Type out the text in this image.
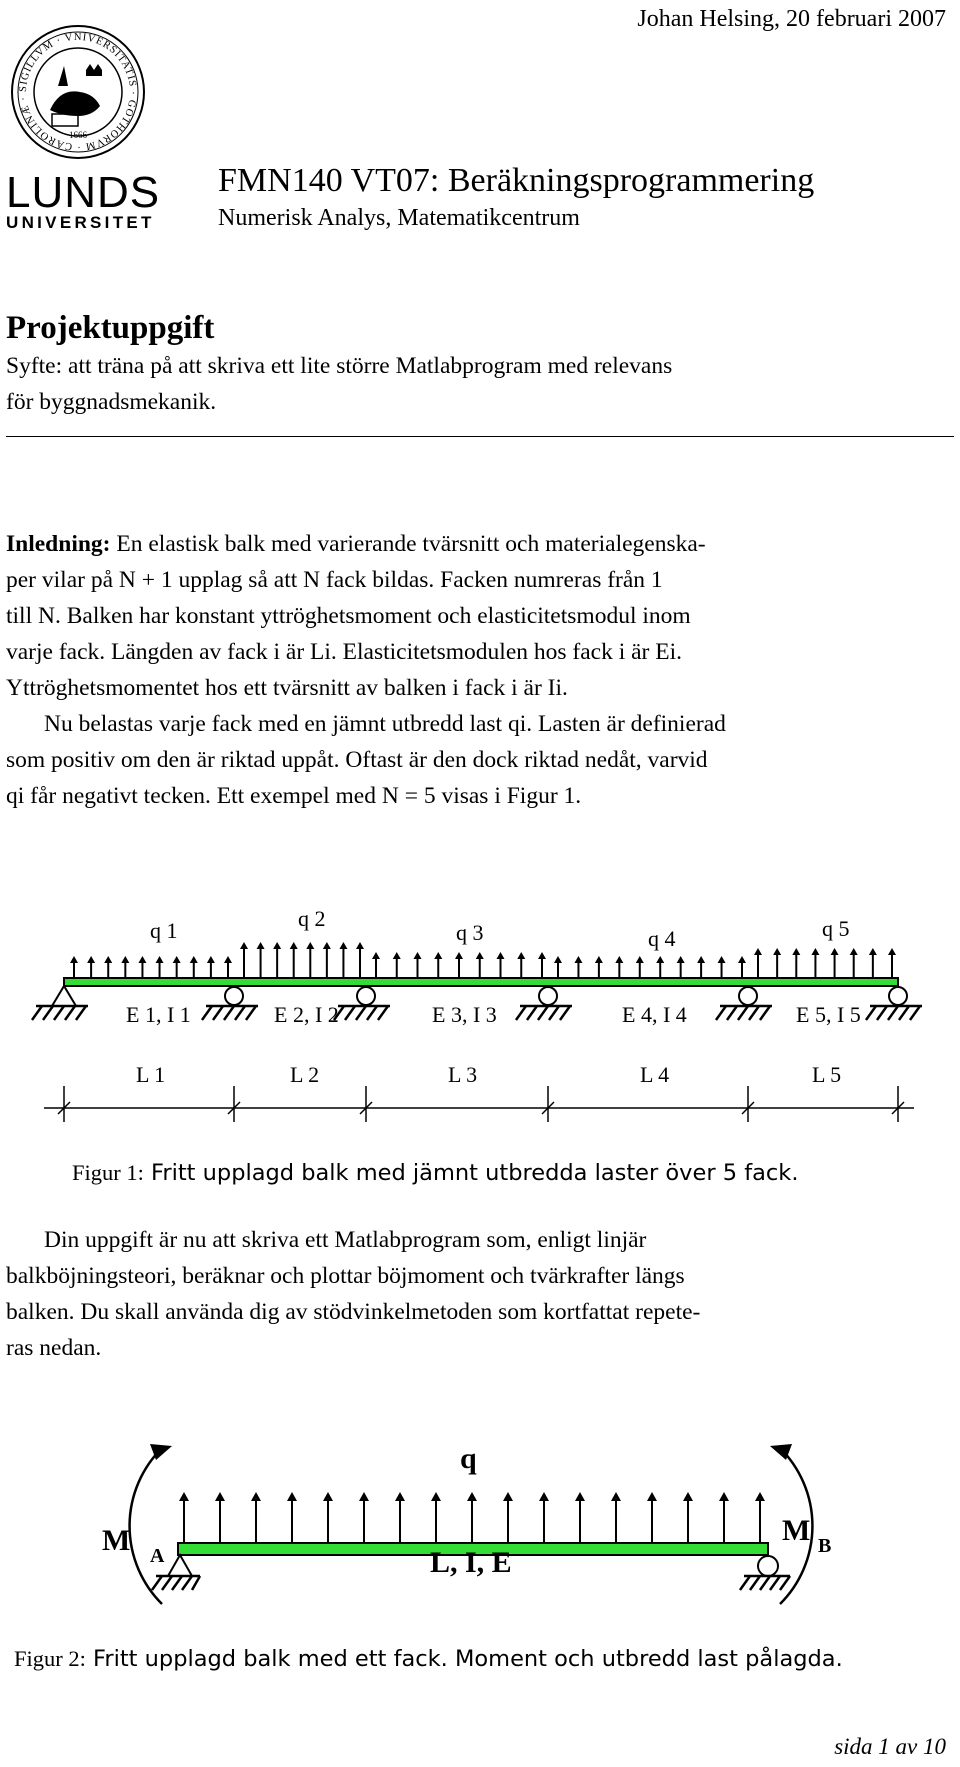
Johan Helsing, 20 februari 2007
SIGILLVM · VNIVERSITATIS · GOTHORVM · CAROLINÆ ·
1666
LUNDS
UNIVERSITET
FMN140 VT07: Beräkningsprogrammering
Numerisk Analys, Matematikcentrum
Projektuppgift
Syfte: att träna på att skriva ett lite större Matlabprogram med relevans
för byggnadsmekanik.
Inledning: En elastisk balk med varierande tvärsnitt och materialegenska-
per vilar på N + 1 upplag så att N fack bildas. Facken numreras från 1
till N. Balken har konstant yttröghetsmoment och elasticitetsmodul inom
varje fack. Längden av fack i är Li. Elasticitetsmodulen hos fack i är Ei.
Yttröghetsmomentet hos ett tvärsnitt av balken i fack i är Ii.
Nu belastas varje fack med en jämnt utbredd last qi. Lasten är definierad
som positiv om den är riktad uppåt. Oftast är den dock riktad nedåt, varvid
qi får negativt tecken. Ett exempel med N = 5 visas i Figur 1.
q 1	q 2
q 3	q 4	q 5
E 1, I 1	E 2, I 2	E 3, I 3	E 4, I 4	E 5, I 5
L 1	L 2	L 3	L 4	L 5
Figur 1: Fritt upplagd balk med jämnt utbredda laster över 5 fack.
Din uppgift är nu att skriva ett Matlabprogram som, enligt linjär
balkböjningsteori, beräknar och plottar böjmoment och tvärkrafter längs
balken. Du skall använda dig av stödvinkelmetoden som kortfattat repete-
ras nedan.
q
M A
M B
L, I, E
Figur 2: Fritt upplagd balk med ett fack. Moment och utbredd last pålagda.
sida 1 av 10
